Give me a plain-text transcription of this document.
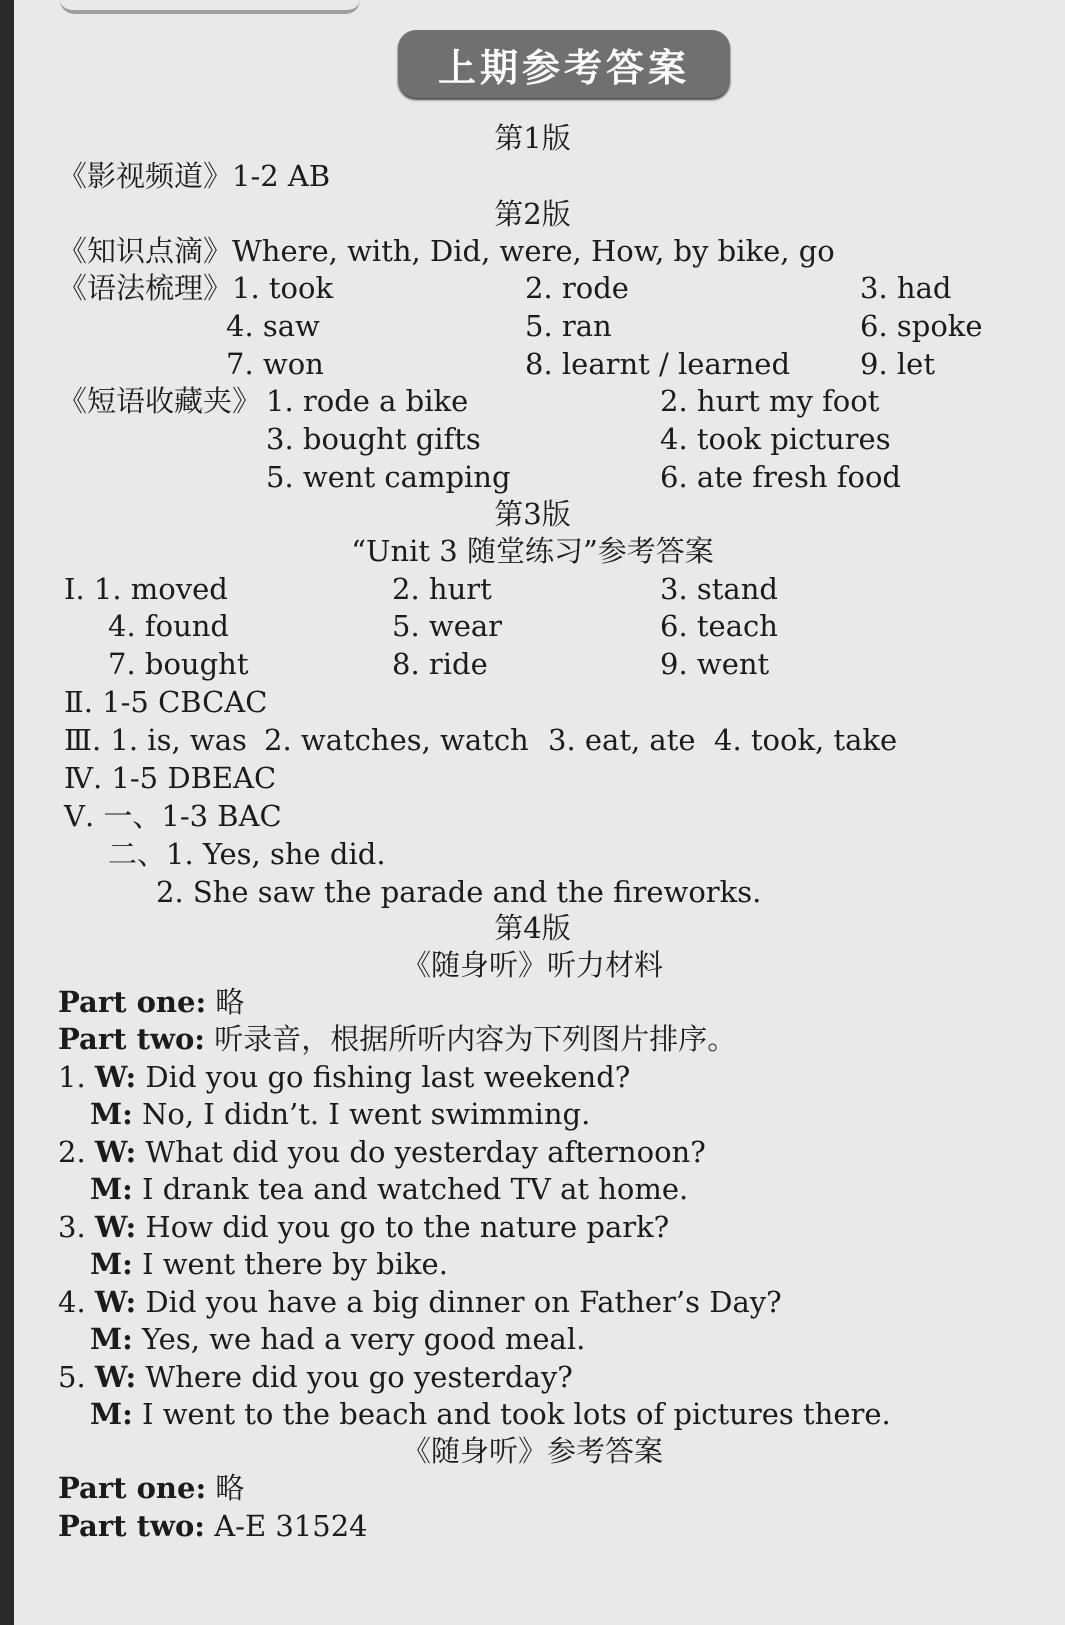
上期参考答案
第1版
《影视频道》1-2 AB
第2版
《知识点滴》Where, with, Did, were, How, by bike, go
《语法梳理》1. took	2. rode	3. had
4. saw	5. ran	6. spoke
7. won	8. learnt / learned 9. let
《短语收藏夹》 1. rode a bike	2. hurt my foot
3. bought gifts	4. took pictures
5. went camping	6. ate fresh food
第3版
“Unit 3 随堂练习”参考答案
Ⅰ. 1. moved	2. hurt	3. stand
4. found	5. wear	6. teach
7. bought	8. ride	9. went
Ⅱ. 1-5 CBCAC
Ⅲ. 1. is, was 2. watches, watch 3. eat, ate 4. took, take
Ⅳ. 1-5 DBEAC
Ⅴ. 一、1-3 BAC
二、1. Yes, she did.
2. She saw the parade and the fireworks.
第4版
《随身听》听力材料
Part one: 略
Part two: 听录音，根据所听内容为下列图片排序。
1. W: Did you go fishing last weekend?
M: No, I didn’t. I went swimming.
2. W: What did you do yesterday afternoon?
M: I drank tea and watched TV at home.
3. W: How did you go to the nature park?
M: I went there by bike.
4. W: Did you have a big dinner on Father’s Day?
M: Yes, we had a very good meal.
5. W: Where did you go yesterday?
M: I went to the beach and took lots of pictures there.
《随身听》参考答案
Part one: 略
Part two: A-E 31524
